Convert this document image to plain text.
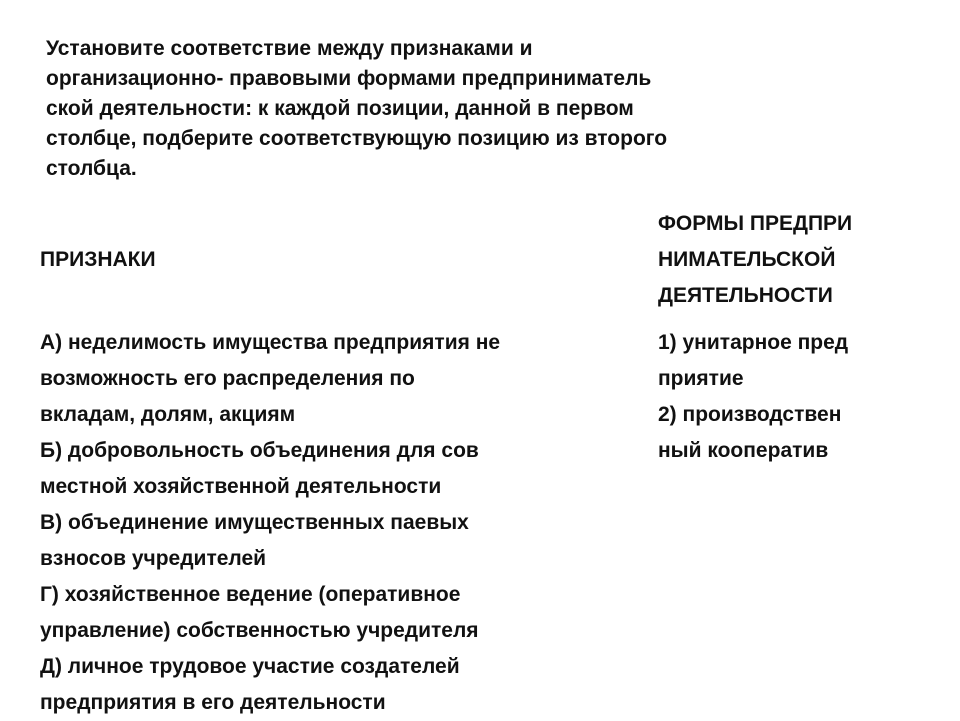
Установите соответствие между признаками и
организационно- правовыми формами предприниматель
ской деятельности: к каждой позиции, данной в первом
столбце, подберите соответствующую позицию из второго
столбца.

ПРИЗНАКИ
ФОРМЫ ПРЕДПРИ
НИМАТЕЛЬСКОЙ
ДЕЯТЕЛЬНОСТИ
А) неделимость имущества предприятия не
возможность его распределения по
вкладам, долям, акциям
Б) добровольность объединения для сов
местной хозяйственной деятельности
В) объединение имущественных паевых
взносов учредителей
Г) хозяйственное ведение (оперативное
управление) собственностью учредителя
Д) личное трудовое участие создателей
предприятия в его деятельности
1) унитарное пред
приятие
2) производствен
ный кооператив
